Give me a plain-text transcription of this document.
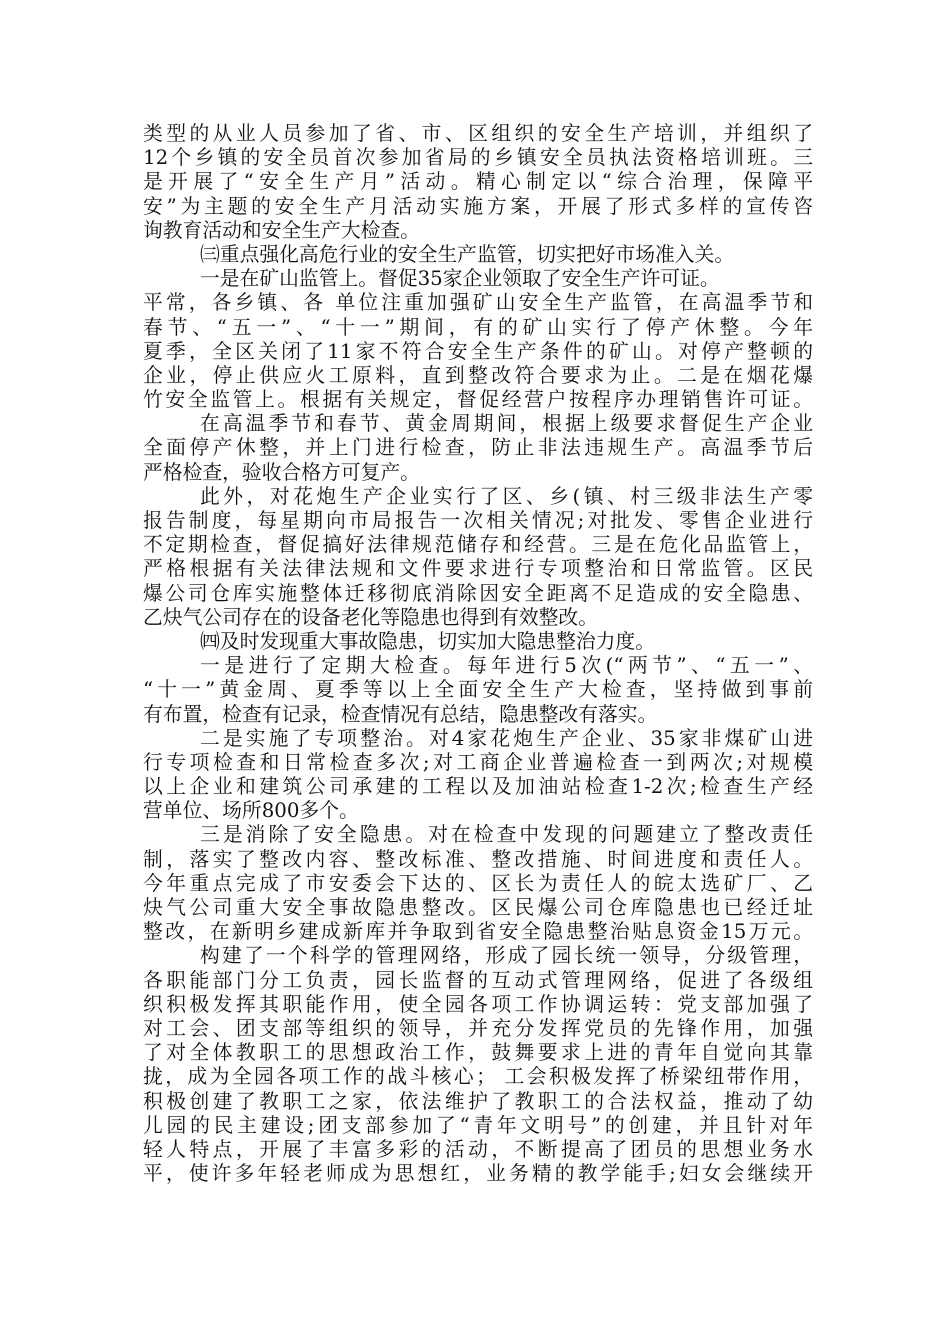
类型的从业人员参加了省、市、区组织的安全生产培训，并组织了
12个乡镇的安全员首次参加省局的乡镇安全员执法资格培训班。三
是开展了“安全生产月”活动。精心制定以“综合治理，保障平
安”为主题的安全生产月活动实施方案，开展了形式多样的宣传咨
询教育活动和安全生产大检查。
㈢重点强化高危行业的安全生产监管，切实把好市场准入关。
一是在矿山监管上。督促35家企业领取了安全生产许可证。
平常，各乡镇、各 单位注重加强矿山安全生产监管，在高温季节和
春节、“五一”、“十一”期间，有的矿山实行了停产休整。今年
夏季，全区关闭了11家不符合安全生产条件的矿山。对停产整顿的
企业，停止供应火工原料，直到整改符合要求为止。二是在烟花爆
竹安全监管上。根据有关规定，督促经营户按程序办理销售许可证。
在高温季节和春节、黄金周期间，根据上级要求督促生产企业
全面停产休整，并上门进行检查，防止非法违规生产。高温季节后
严格检查，验收合格方可复产。
此外，对花炮生产企业实行了区、乡(镇、村三级非法生产零
报告制度，每星期向市局报告一次相关情况;对批发、零售企业进行
不定期检查，督促搞好法律规范储存和经营。三是在危化品监管上，
严格根据有关法律法规和文件要求进行专项整治和日常监管。区民
爆公司仓库实施整体迁移彻底消除因安全距离不足造成的安全隐患、
乙炔气公司存在的设备老化等隐患也得到有效整改。
㈣及时发现重大事故隐患，切实加大隐患整治力度。
一是进行了定期大检查。每年进行5次(“两节”、“五一”、
“十一”黄金周、夏季等以上全面安全生产大检查，坚持做到事前
有布置，检查有记录，检查情况有总结，隐患整改有落实。
二是实施了专项整治。对4家花炮生产企业、35家非煤矿山进
行专项检查和日常检查多次;对工商企业普遍检查一到两次;对规模
以上企业和建筑公司承建的工程以及加油站检查1-2次;检查生产经
营单位、场所800多个。
三是消除了安全隐患。对在检查中发现的问题建立了整改责任
制，落实了整改内容、整改标准、整改措施、时间进度和责任人。
今年重点完成了市安委会下达的、区长为责任人的皖太选矿厂、乙
炔气公司重大安全事故隐患整改。区民爆公司仓库隐患也已经迁址
整改，在新明乡建成新库并争取到省安全隐患整治贴息资金15万元。
构建了一个科学的管理网络，形成了园长统一领导，分级管理，
各职能部门分工负责，园长监督的互动式管理网络，促进了各级组
织积极发挥其职能作用，使全园各项工作协调运转：党支部加强了
对工会、团支部等组织的领导，并充分发挥党员的先锋作用，加强
了对全体教职工的思想政治工作，鼓舞要求上进的青年自觉向其靠
拢，成为全园各项工作的战斗核心； 工会积极发挥了桥梁纽带作用，
积极创建了教职工之家，依法维护了教职工的合法权益，推动了幼
儿园的民主建设;团支部参加了“青年文明号”的创建，并且针对年
轻人特点，开展了丰富多彩的活动，不断提高了团员的思想业务水
平，使许多年轻老师成为思想红，业务精的教学能手;妇女会继续开
